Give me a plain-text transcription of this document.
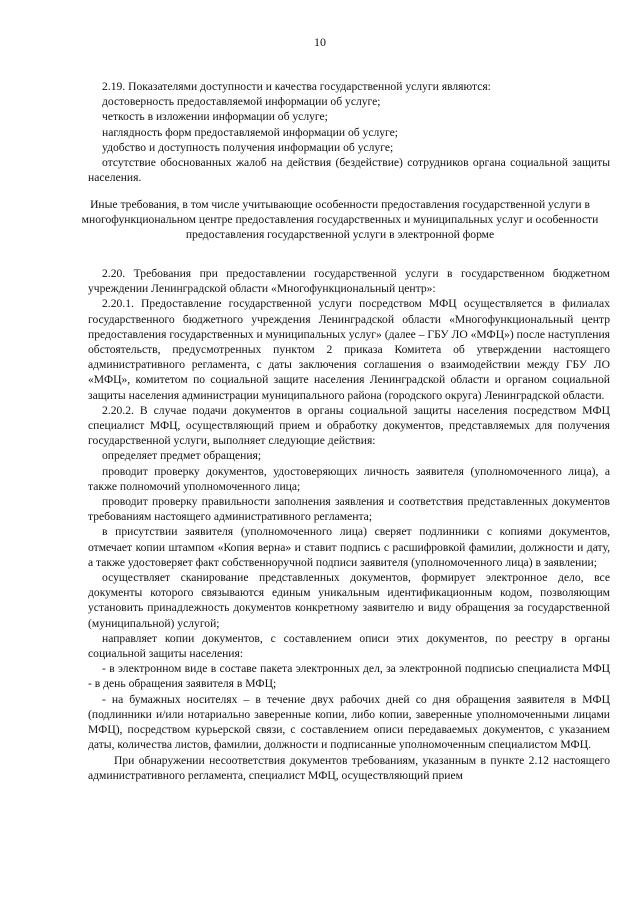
10

2.19. Показателями доступности и качества государственной услуги являются:

достоверность предоставляемой информации об услуге;

четкость в изложении информации об услуге;

наглядность форм предоставляемой информации об услуге;

удобство и доступность получения информации об услуге;

отсутствие обоснованных жалоб на действия (бездействие) сотрудников органа социальной защиты населения.

Иные требования, в том числе учитывающие особенности предоставления государственной услуги в многофункциональном центре предоставления государственных и муниципальных услуг и особенности предоставления государственной услуги в электронной форме

2.20. Требования при предоставлении государственной услуги в государственном бюджетном учреждении Ленинградской области «Многофункциональный центр»:

2.20.1. Предоставление государственной услуги посредством МФЦ осуществляется в филиалах государственного бюджетного учреждения Ленинградской области «Многофункциональный центр предоставления государственных и муниципальных услуг» (далее – ГБУ ЛО «МФЦ») после наступления обстоятельств, предусмотренных пунктом 2 приказа Комитета об утверждении настоящего административного регламента, с даты заключения соглашения о взаимодействии между ГБУ ЛО «МФЦ», комитетом по социальной защите населения Ленинградской области и органом социальной защиты населения администрации муниципального района (городского округа) Ленинградской области.

2.20.2. В случае подачи документов в органы социальной защиты населения посредством МФЦ специалист МФЦ, осуществляющий прием и обработку документов, представляемых для получения государственной услуги, выполняет следующие действия:

определяет предмет обращения;

проводит проверку документов, удостоверяющих личность заявителя (уполномоченного лица), а также полномочий уполномоченного лица;

проводит проверку правильности заполнения заявления и соответствия представленных документов требованиям настоящего административного регламента;

в присутствии заявителя (уполномоченного лица) сверяет подлинники с копиями документов, отмечает копии штампом «Копия верна» и ставит подпись с расшифровкой фамилии, должности и дату, а также удостоверяет факт собственноручной подписи заявителя (уполномоченного лица) в заявлении;

осуществляет сканирование представленных документов, формирует электронное дело, все документы которого связываются единым уникальным идентификационным кодом, позволяющим установить принадлежность документов конкретному заявителю и виду обращения за государственной (муниципальной) услугой;

направляет копии документов, с составлением описи этих документов, по реестру в органы социальной защиты населения:

- в электронном виде в составе пакета электронных дел, за электронной подписью специалиста МФЦ - в день обращения заявителя в МФЦ;

- на бумажных носителях – в течение двух рабочих дней со дня обращения заявителя в МФЦ (подлинники и/или нотариально заверенные копии, либо копии, заверенные уполномоченными лицами МФЦ), посредством курьерской связи, с составлением описи передаваемых документов, с указанием даты, количества листов, фамилии, должности и подписанные уполномоченным специалистом МФЦ.

При обнаружении несоответствия документов требованиям, указанным в пункте 2.12 настоящего административного регламента, специалист МФЦ, осуществляющий прием
